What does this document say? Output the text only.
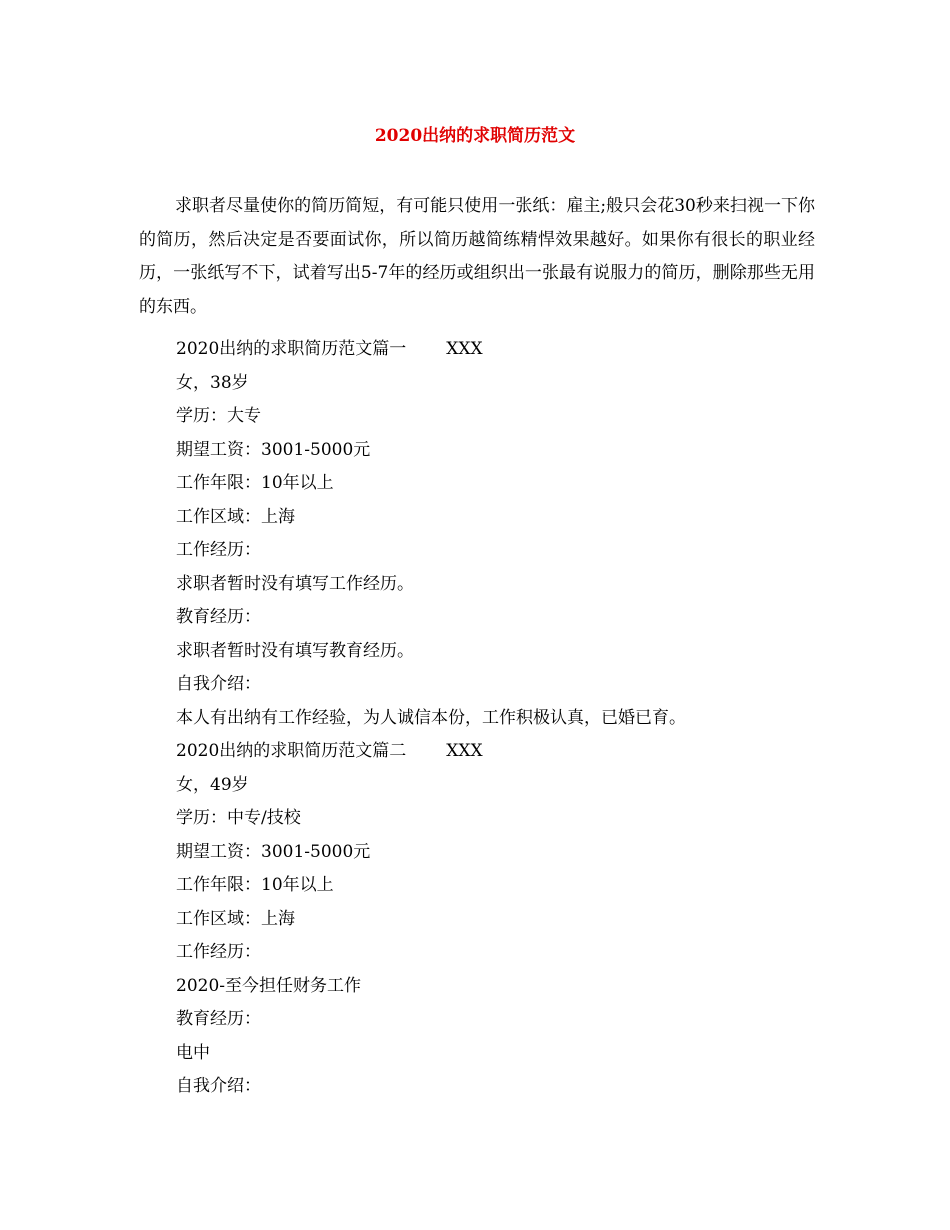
2020出纳的求职简历范文

求职者尽量使你的简历简短，有可能只使用一张纸：雇主;般只会花30秒来扫视一下你的简历，然后决定是否要面试你，所以简历越简练精悍效果越好。如果你有很长的职业经历，一张纸写不下，试着写出5-7年的经历或组织出一张最有说服力的简历，删除那些无用的东西。

2020出纳的求职简历范文篇一 XXX
女，38岁
学历：大专
期望工资：3001-5000元
工作年限：10年以上
工作区域：上海
工作经历：
求职者暂时没有填写工作经历。
教育经历：
求职者暂时没有填写教育经历。
自我介绍：
本人有出纳有工作经验，为人诚信本份，工作积极认真，已婚已育。
2020出纳的求职简历范文篇二 XXX
女，49岁
学历：中专/技校
期望工资：3001-5000元
工作年限：10年以上
工作区域：上海
工作经历：
2020-至今担任财务工作
教育经历：
电中
自我介绍：
